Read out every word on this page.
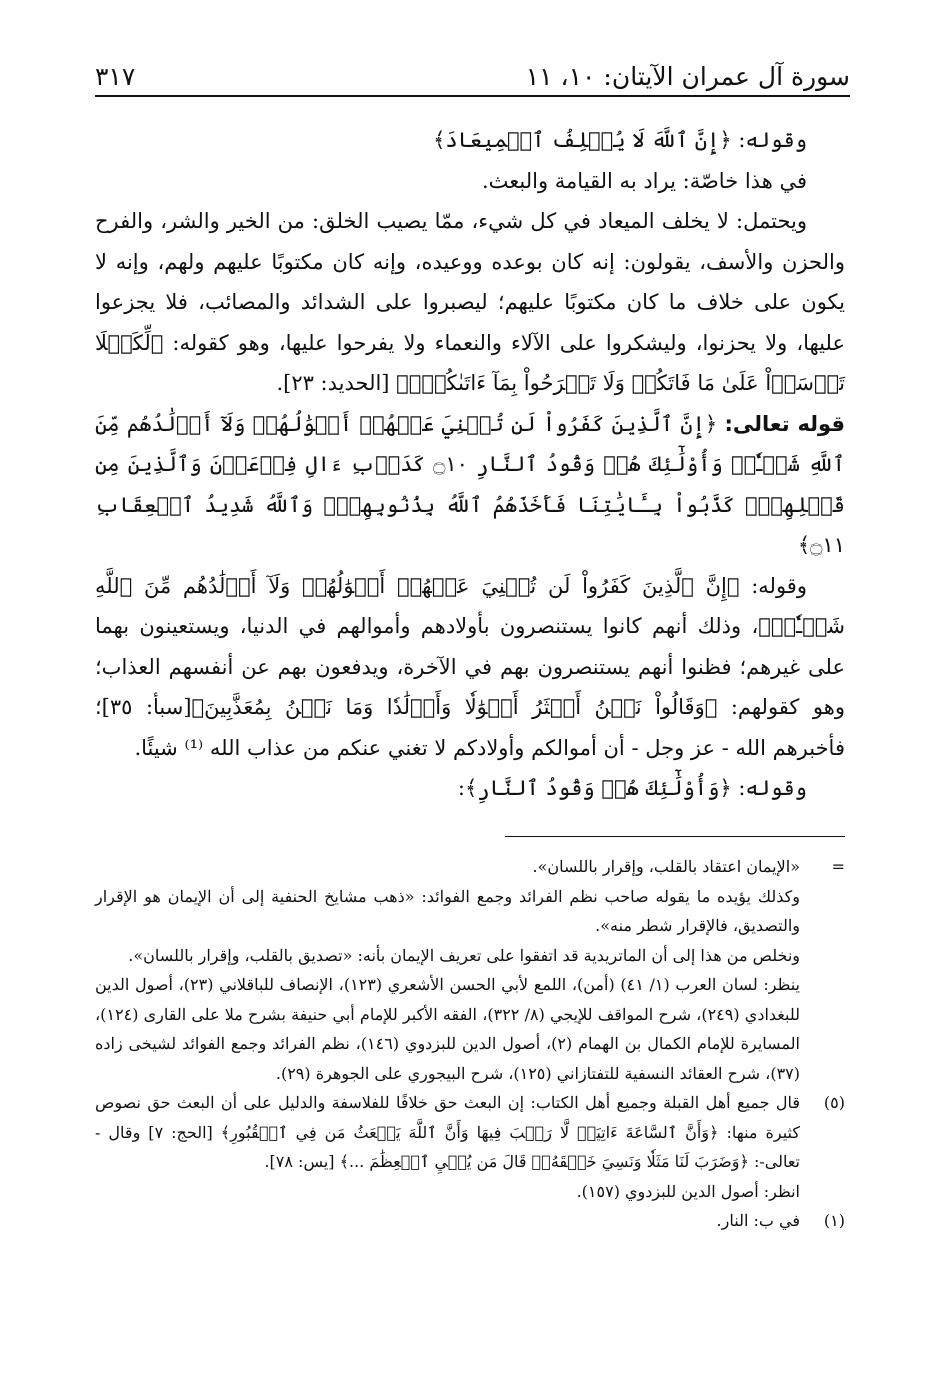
سورة آل عمران الآيتان: ١٠، ١١
٣١٧

وقوله: ﴿إِنَّ ٱللَّهَ لَا يُخۡلِفُ ٱلۡمِيعَادَ﴾

في هذا خاصّة: يراد به القيامة والبعث.

ويحتمل: لا يخلف الميعاد في كل شيء، ممّا يصيب الخلق: من الخير والشر، والفرح والحزن والأسف، يقولون: إنه كان بوعده ووعيده، وإنه كان مكتوبًا عليهم ولهم، وإنه لا يكون على خلاف ما كان مكتوبًا عليهم؛ ليصبروا على الشدائد والمصائب، فلا يجزعوا عليها، ولا يحزنوا، وليشكروا على الآلاء والنعماء ولا يفرحوا عليها، وهو كقوله: ﴿لِّكَيۡلَا تَأۡسَوۡاْ عَلَىٰ مَا فَاتَكُمۡ وَلَا تَفۡرَحُواْ بِمَآ ءَاتَىٰكُمۡۗ﴾ [الحديد: ٢٣].

قوله تعالى: ﴿إِنَّ ٱلَّذِينَ كَفَرُواْ لَن تُغۡنِيَ عَنۡهُمۡ أَمۡوَٰلُهُمۡ وَلَآ أَوۡلَٰدُهُم مِّنَ ٱللَّهِ شَيۡـٔٗاۖ وَأُوْلَٰٓئِكَ هُمۡ وَقُودُ ٱلنَّارِ ۝١٠ كَدَأۡبِ ءَالِ فِرۡعَوۡنَ وَٱلَّذِينَ مِن قَبۡلِهِمۡۚ كَذَّبُواْ بِـَٔايَٰتِنَا فَأَخَذَهُمُ ٱللَّهُ بِذُنُوبِهِمۡۗ وَٱللَّهُ شَدِيدُ ٱلۡعِقَابِ ۝١١﴾

وقوله: ﴿إِنَّ ٱلَّذِينَ كَفَرُواْ لَن تُغۡنِيَ عَنۡهُمۡ أَمۡوَٰلُهُمۡ وَلَآ أَوۡلَٰدُهُم مِّنَ ٱللَّهِ شَيۡـٔٗاۖ﴾، وذلك أنهم كانوا يستنصرون بأولادهم وأموالهم في الدنيا، ويستعينون بهما على غيرهم؛ فظنوا أنهم يستنصرون بهم في الآخرة، ويدفعون بهم عن أنفسهم العذاب؛ وهو كقولهم: ﴿وَقَالُواْ نَحۡنُ أَكۡثَرُ أَمۡوَٰلٗا وَأَوۡلَٰدٗا وَمَا نَحۡنُ بِمُعَذَّبِينَ﴾[سبأ: ٣٥]؛ فأخبرهم الله - عز وجل - أن أموالكم وأولادكم لا تغني عنكم من عذاب الله ⁽¹⁾ شيئًا.

وقوله: ﴿وَأُوْلَٰٓئِكَ هُمۡ وَقُودُ ٱلنَّارِ﴾:

=
«الإيمان اعتقاد بالقلب، وإقرار باللسان».

وكذلك يؤيده ما يقوله صاحب نظم الفرائد وجمع الفوائد: «ذهب مشايخ الحنفية إلى أن الإيمان هو الإقرار والتصديق، فالإقرار شطر منه».

ونخلص من هذا إلى أن الماتريدية قد اتفقوا على تعريف الإيمان بأنه: «تصديق بالقلب، وإقرار باللسان».

ينظر: لسان العرب (١/ ٤١) (أمن)، اللمع لأبي الحسن الأشعري (١٢٣)، الإنصاف للباقلاني (٢٣)، أصول الدين للبغدادي (٢٤٩)، شرح المواقف للإيجي (٨/ ٣٢٢)، الفقه الأكبر للإمام أبي حنيفة بشرح ملا على القارى (١٢٤)، المسايرة للإمام الكمال بن الهمام (٢)، أصول الدين للبزدوي (١٤٦)، نظم الفرائد وجمع الفوائد لشيخى زاده (٣٧)، شرح العقائد النسفية للتفتازاني (١٢٥)، شرح البيجوري على الجوهرة (٢٩).

(٥)
قال جميع أهل القبلة وجميع أهل الكتاب: إن البعث حق خلافًا للفلاسفة والدليل على أن البعث حق نصوص كثيرة منها: ﴿وَأَنَّ ٱلسَّاعَةَ ءَاتِيَةٞ لَّا رَيۡبَ فِيهَا وَأَنَّ ٱللَّهَ يَبۡعَثُ مَن فِي ٱلۡقُبُورِ﴾ [الحج: ٧] وقال - تعالى-: ﴿وَضَرَبَ لَنَا مَثَلٗا وَنَسِيَ خَلۡقَهُۥۖ قَالَ مَن يُحۡيِ ٱلۡعِظَٰمَ ...﴾ [يس: ٧٨].

انظر: أصول الدين للبزدوي (١٥٧).

(١)
في ب: النار.
